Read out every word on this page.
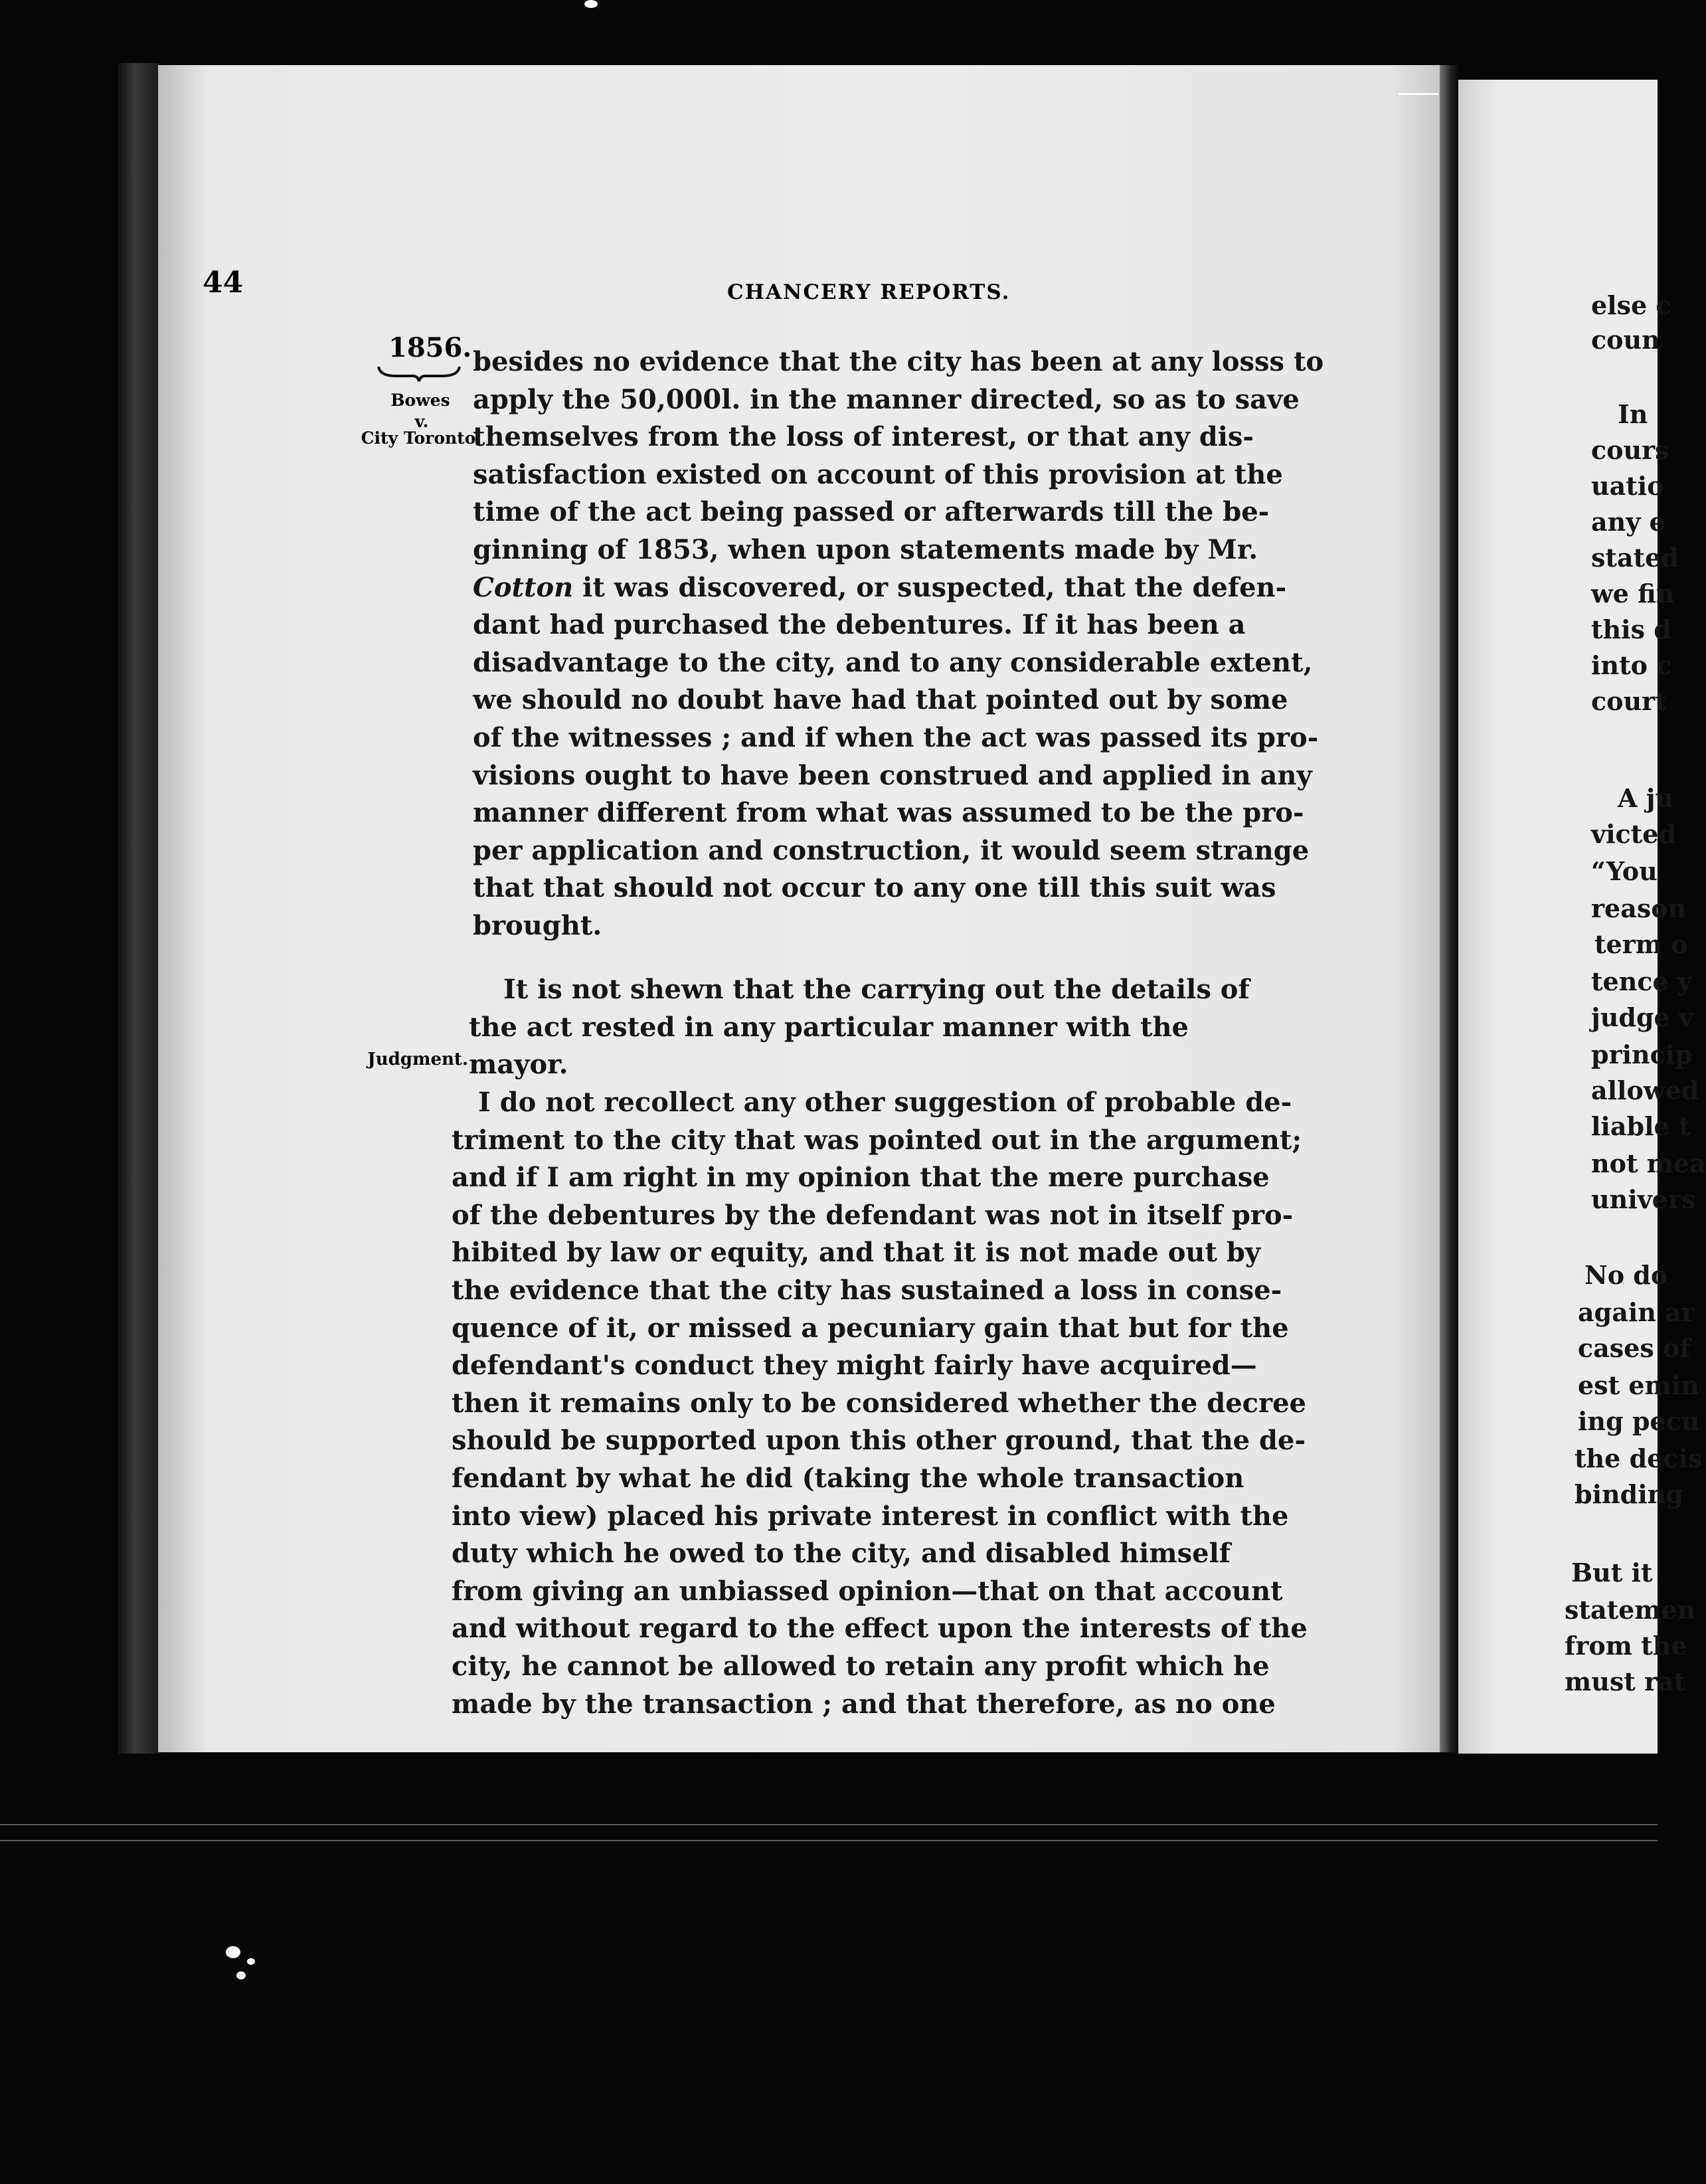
else c
coun
In
cours
uatio
any e
stated
we fin
this d
into c
court
A ju
victed
“You
reason
term o
tence y
judge v
princip
allowed
liable t
not mea
univers
No do
again ar
cases of
est emin
ing pecu
the decis
binding
But it
statemen
from the
must rat
44	CHANCERY REPORTS.
1856.
Bowes
v.
City Toronto
Judgment.
besides no evidence that the city has been at any losss to
apply the 50,000l. in the manner directed, so as to save
themselves from the loss of interest, or that any dis-
satisfaction existed on account of this provision at the
time of the act being passed or afterwards till the be-
ginning of 1853, when upon statements made by Mr.
Cotton it was discovered, or suspected, that the defen-
dant had purchased the debentures. If it has been a
disadvantage to the city, and to any considerable extent,
we should no doubt have had that pointed out by some
of the witnesses ; and if when the act was passed its pro-
visions ought to have been construed and applied in any
manner different from what was assumed to be the pro-
per application and construction, it would seem strange
that that should not occur to any one till this suit was
brought.
It is not shewn that the carrying out the details of
the act rested in any particular manner with the
mayor.
I do not recollect any other suggestion of probable de-
triment to the city that was pointed out in the argument;
and if I am right in my opinion that the mere purchase
of the debentures by the defendant was not in itself pro-
hibited by law or equity, and that it is not made out by
the evidence that the city has sustained a loss in conse-
quence of it, or missed a pecuniary gain that but for the
defendant's conduct they might fairly have acquired—
then it remains only to be considered whether the decree
should be supported upon this other ground, that the de-
fendant by what he did (taking the whole transaction
into view) placed his private interest in conflict with the
duty which he owed to the city, and disabled himself
from giving an unbiassed opinion—that on that account
and without regard to the effect upon the interests of the
city, he cannot be allowed to retain any profit which he
made by the transaction ; and that therefore, as no one
